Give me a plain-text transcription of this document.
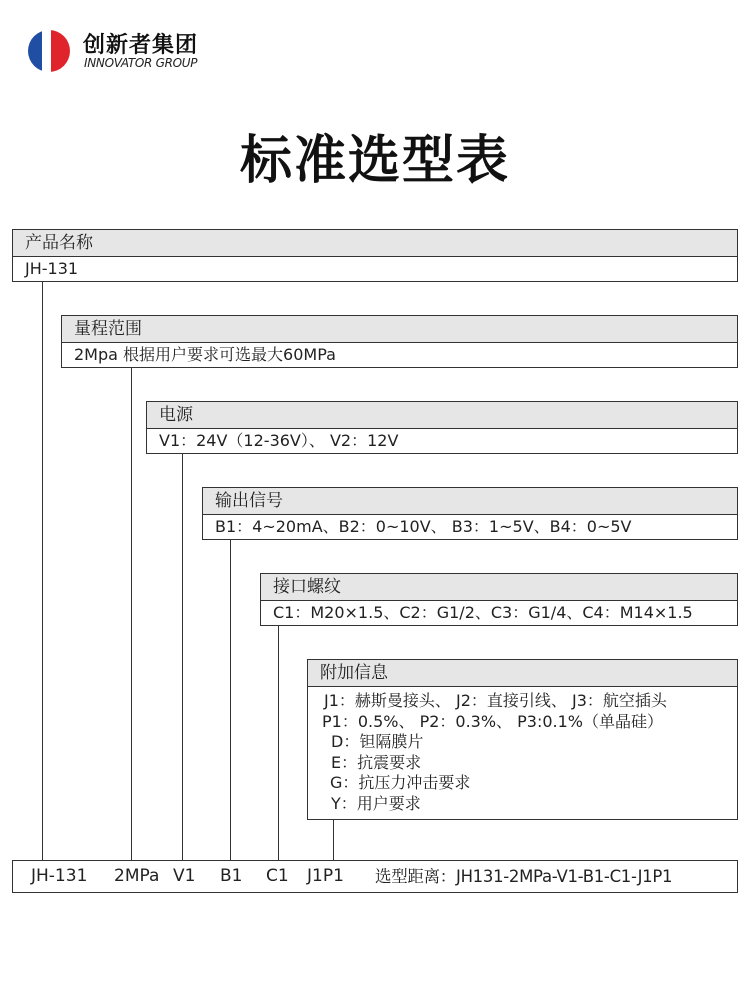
创新者集团
INNOVATOR GROUP
标准选型表
产品名称
JH-131
量程范围
2Mpa 根据用户要求可选最大60MPa
电源
V1：24V（12-36V）、 V2：12V
输出信号
B1：4~20mA、B2：0~10V、 B3：1~5V、B4：0~5V
接口螺纹
C1：M20×1.5、C2：G1/2、C3：G1/4、C4：M14×1.5
附加信息
J1：赫斯曼接头、 J2：直接引线、 J3：航空插头
P1：0.5%、 P2：0.3%、 P3:0.1%（单晶硅）
D：钽隔膜片
E：抗震要求
G：抗压力冲击要求
Y：用户要求
JH-131 2MPa V1 B1 C1 J1P1 选型距离：JH131-2MPa-V1-B1-C1-J1P1
